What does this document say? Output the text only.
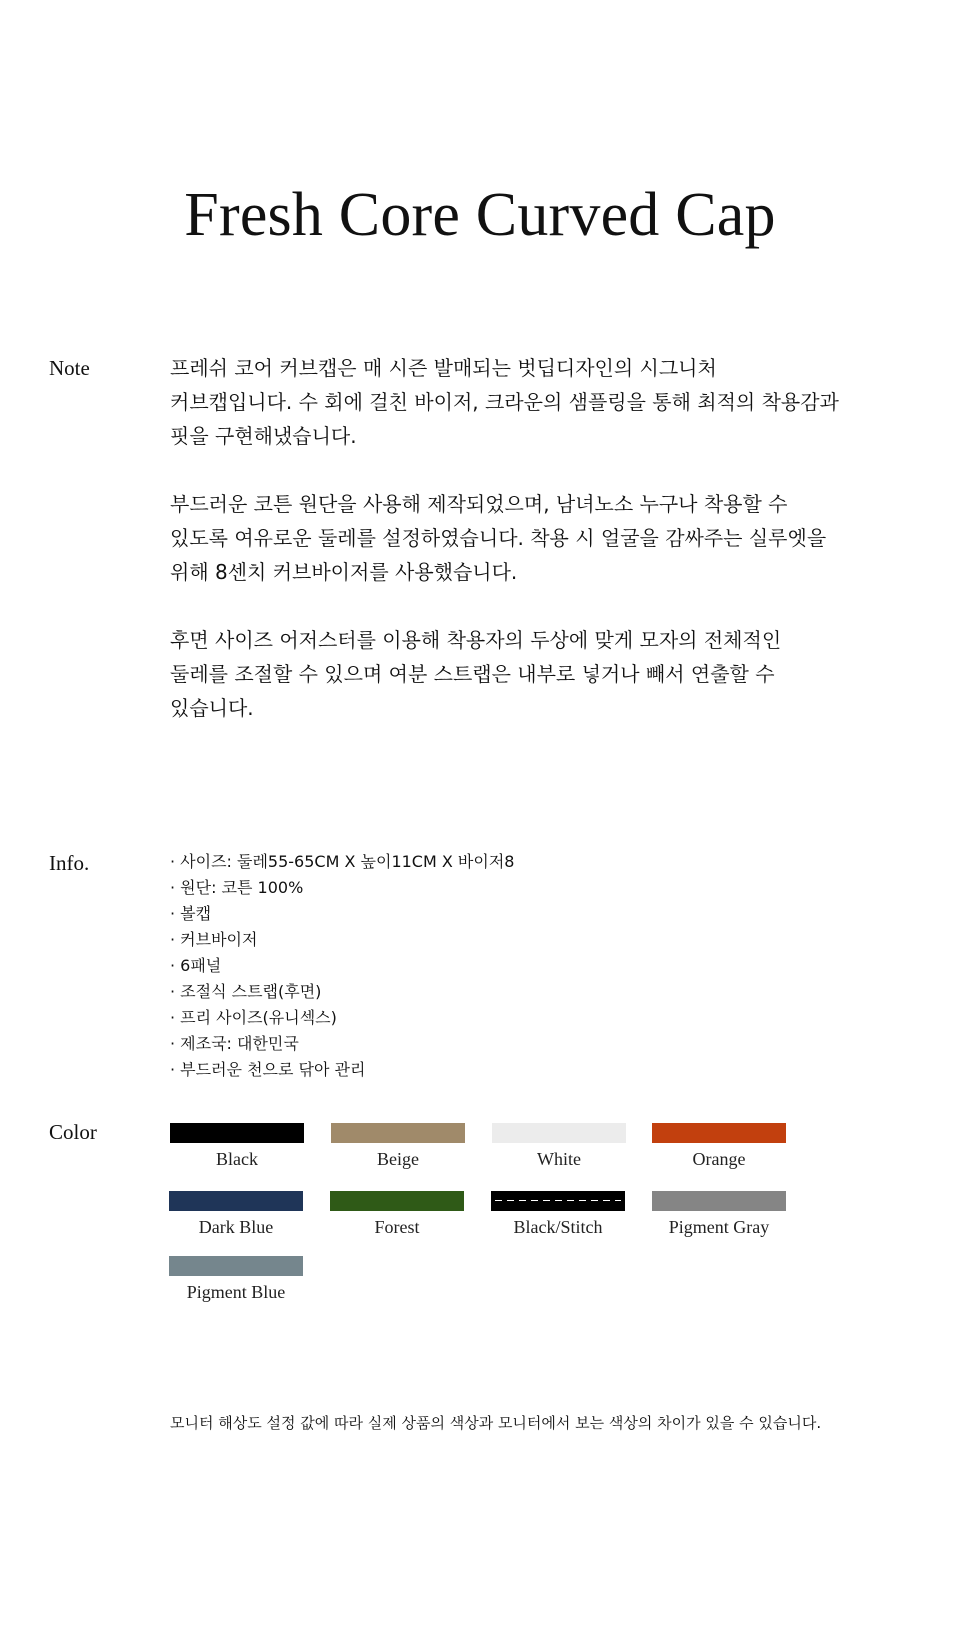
Fresh Core Curved Cap
Note	프레쉬 코어 커브캡은 매 시즌 발매되는 벗딥디자인의 시그니처 커브캡입니다. 수 회에 걸친 바이저, 크라운의 샘플링을 통해 최적의 착용감과 핏을 구현해냈습니다.

부드러운 코튼 원단을 사용해 제작되었으며, 남녀노소 누구나 착용할 수 있도록 여유로운 둘레를 설정하였습니다. 착용 시 얼굴을 감싸주는 실루엣을 위해 8센치 커브바이저를 사용했습니다.

후면 사이즈 어저스터를 이용해 착용자의 두상에 맞게 모자의 전체적인 둘레를 조절할 수 있으며 여분 스트랩은 내부로 넣거나 빼서 연출할 수 있습니다.

Info.	· 사이즈: 둘레55-65CM X 높이11CM X 바이저8
· 원단: 코튼 100%
· 볼캡
· 커브바이저
· 6패널
· 조절식 스트랩(후면)
· 프리 사이즈(유니섹스)
· 제조국: 대한민국
· 부드러운 천으로 닦아 관리
Color
Black	Beige	White	Orange
Dark Blue	Forest	Black/Stitch	Pigment Gray
Pigment Blue
모니터 해상도 설정 값에 따라 실제 상품의 색상과 모니터에서 보는 색상의 차이가 있을 수 있습니다.
